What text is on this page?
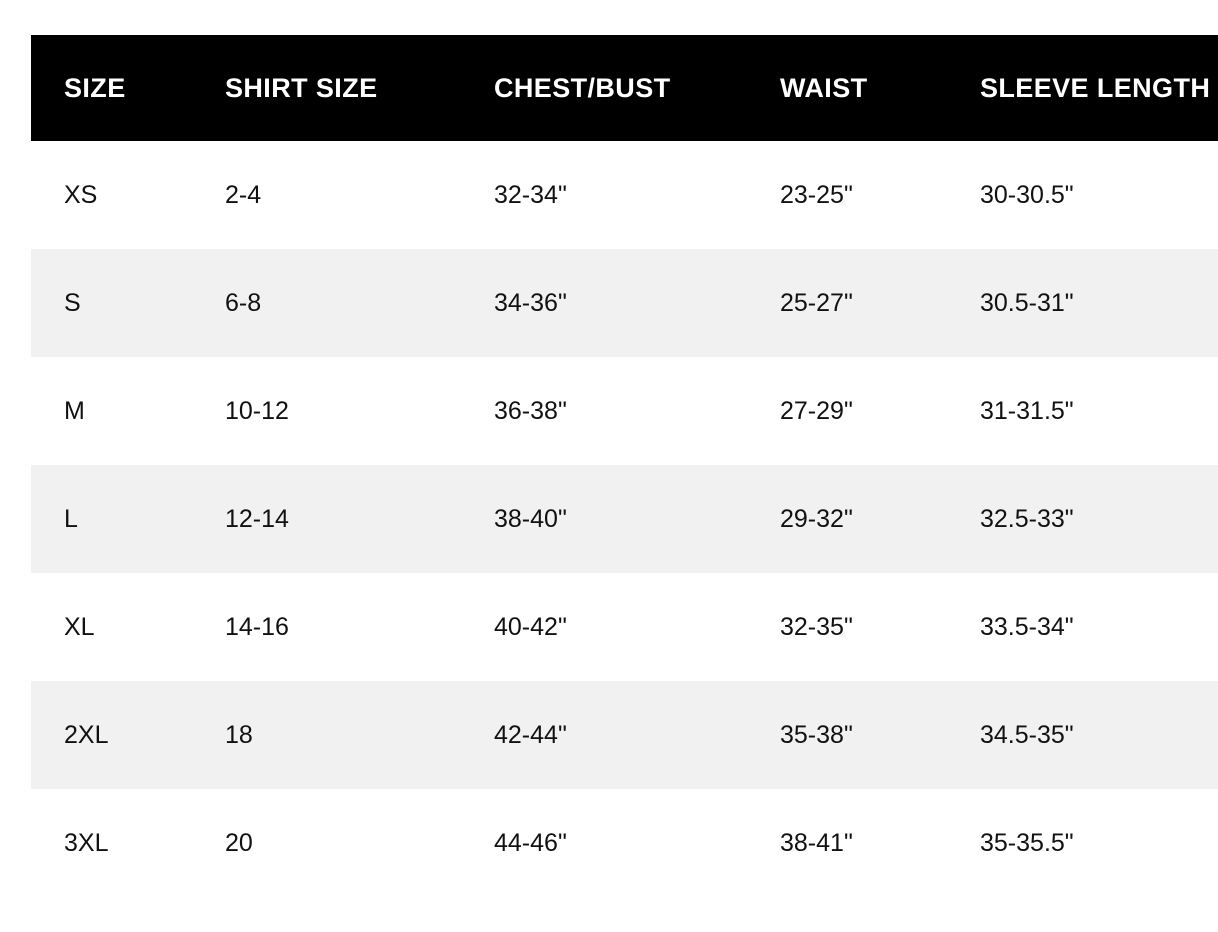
SIZE	SHIRT SIZE	CHEST/BUST	WAIST	SLEEVE LENGTH
XS	2-4	32-34"	23-25"	30-30.5"
S	6-8	34-36"	25-27"	30.5-31"
M	10-12	36-38"	27-29"	31-31.5"
L	12-14	38-40"	29-32"	32.5-33"
XL	14-16	40-42"	32-35"	33.5-34"
2XL	18	42-44"	35-38"	34.5-35"
3XL	20	44-46"	38-41"	35-35.5"
